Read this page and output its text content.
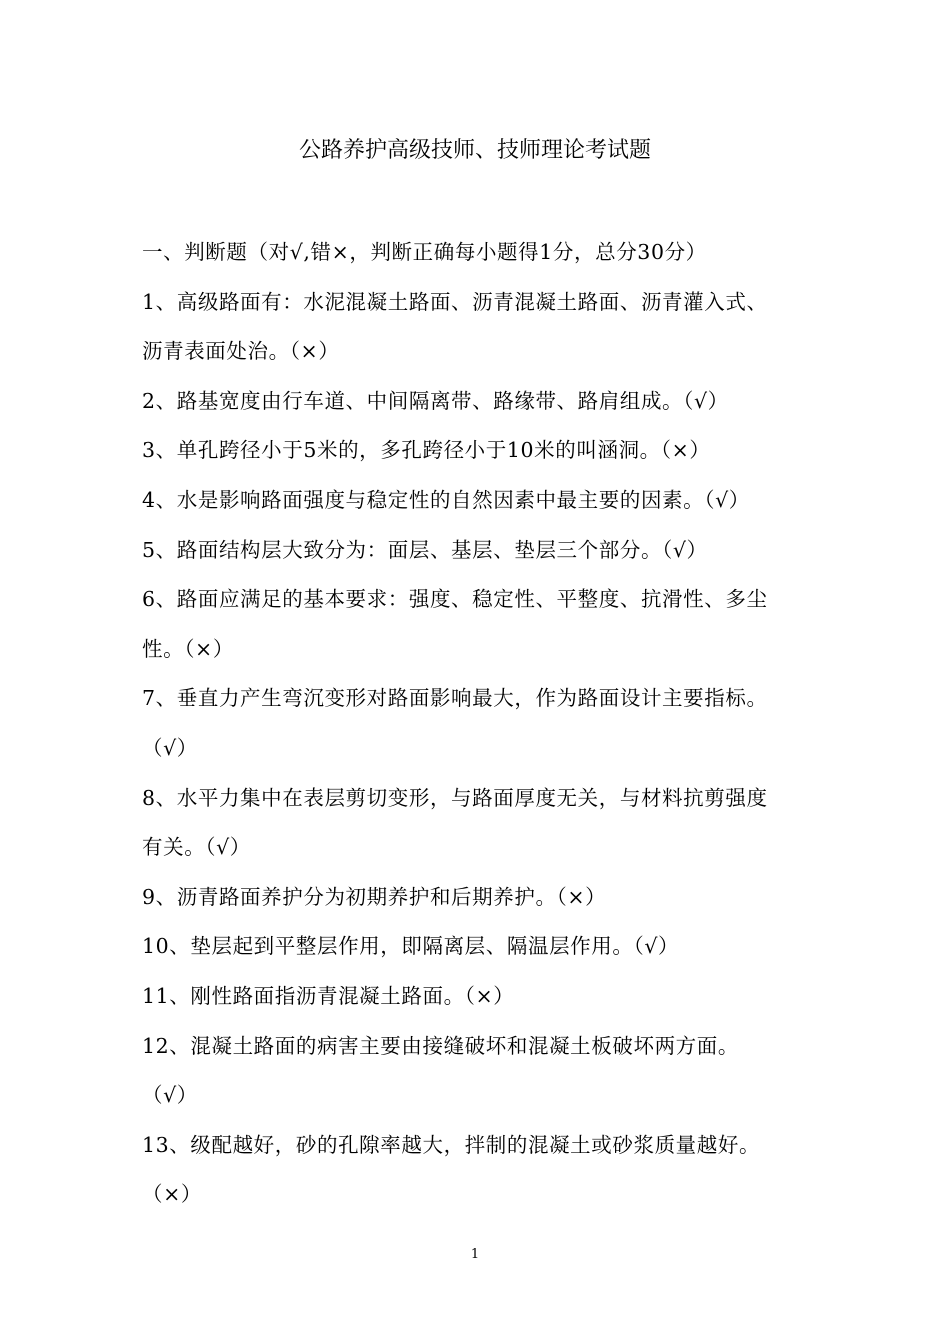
公路养护高级技师、技师理论考试题
一、判断题（对√,错×，判断正确每小题得1分，总分30分）
1、高级路面有：水泥混凝土路面、沥青混凝土路面、沥青灌入式、
沥青表面处治。（×）
2、路基宽度由行车道、中间隔离带、路缘带、路肩组成。（√）
3、单孔跨径小于5米的，多孔跨径小于10米的叫涵洞。（×）
4、水是影响路面强度与稳定性的自然因素中最主要的因素。（√）
5、路面结构层大致分为：面层、基层、垫层三个部分。（√）
6、路面应满足的基本要求：强度、稳定性、平整度、抗滑性、多尘
性。（×）
7、垂直力产生弯沉变形对路面影响最大，作为路面设计主要指标。
（√）
8、水平力集中在表层剪切变形，与路面厚度无关，与材料抗剪强度
有关。（√）
9、沥青路面养护分为初期养护和后期养护。（×）
10、垫层起到平整层作用，即隔离层、隔温层作用。（√）
11、刚性路面指沥青混凝土路面。（×）
12、混凝土路面的病害主要由接缝破坏和混凝土板破坏两方面。
（√）
13、级配越好，砂的孔隙率越大，拌制的混凝土或砂浆质量越好。
（×）
1
